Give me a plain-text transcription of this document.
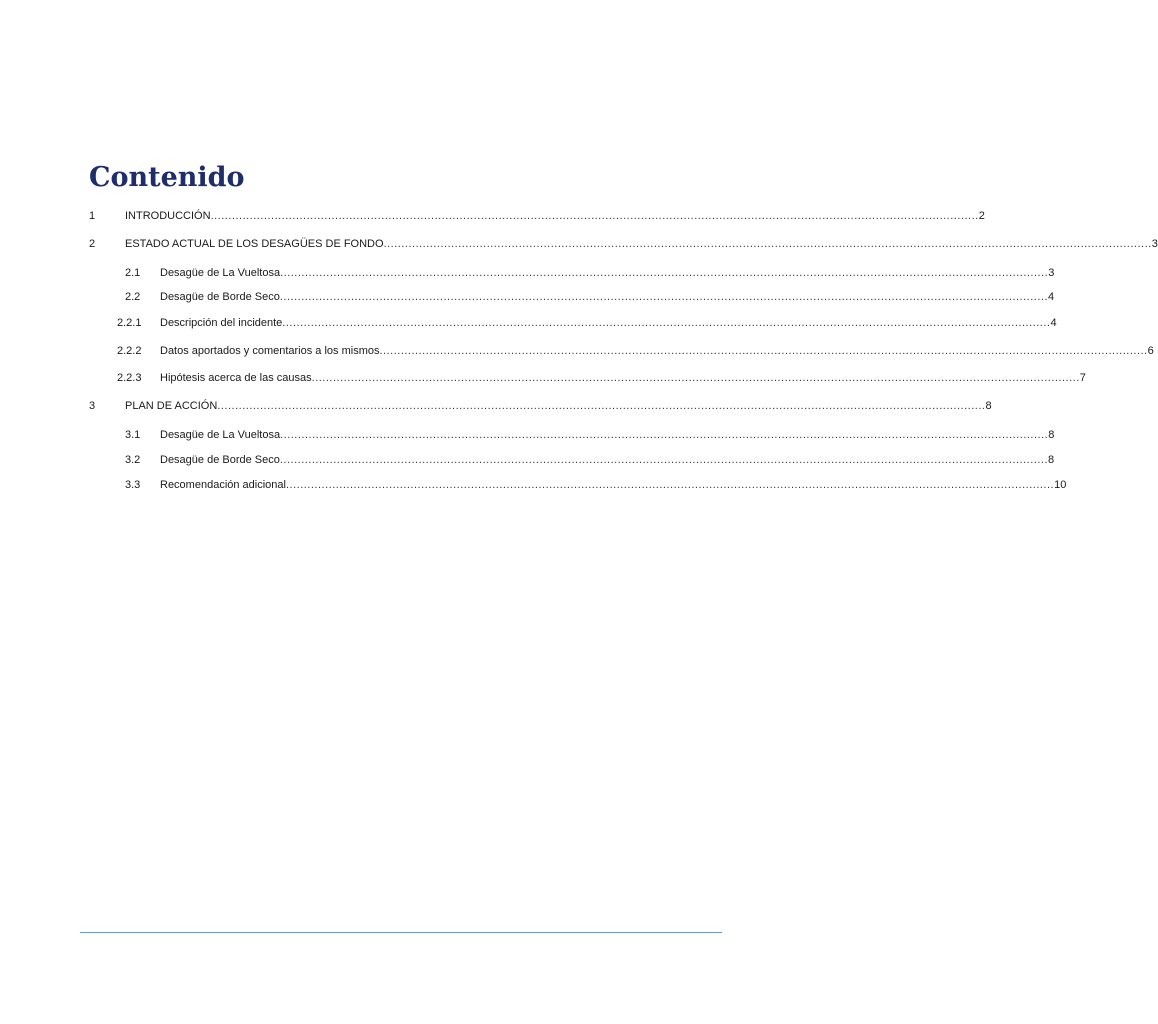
Contenido
1	INTRODUCCIÓN ........................................................................................................................................................................................................................ 2
2	ESTADO ACTUAL DE LOS DESAGÜES DE FONDO ........................................................................................................................................................................................................................ 3
2.1 Desagüe de La Vueltosa ........................................................................................................................................................................................................................ 3
2.2 Desagüe de Borde Seco ........................................................................................................................................................................................................................ 4
2.2.1 Descripción del incidente ........................................................................................................................................................................................................................ 4
2.2.2 Datos aportados y comentarios a los mismos ........................................................................................................................................................................................................................ 6
2.2.3 Hipótesis acerca de las causas ........................................................................................................................................................................................................................ 7
3	PLAN DE ACCIÓN ........................................................................................................................................................................................................................ 8
3.1 Desagüe de La Vueltosa ........................................................................................................................................................................................................................ 8
3.2 Desagüe de Borde Seco ........................................................................................................................................................................................................................ 8
3.3 Recomendación adicional ........................................................................................................................................................................................................................ 10
